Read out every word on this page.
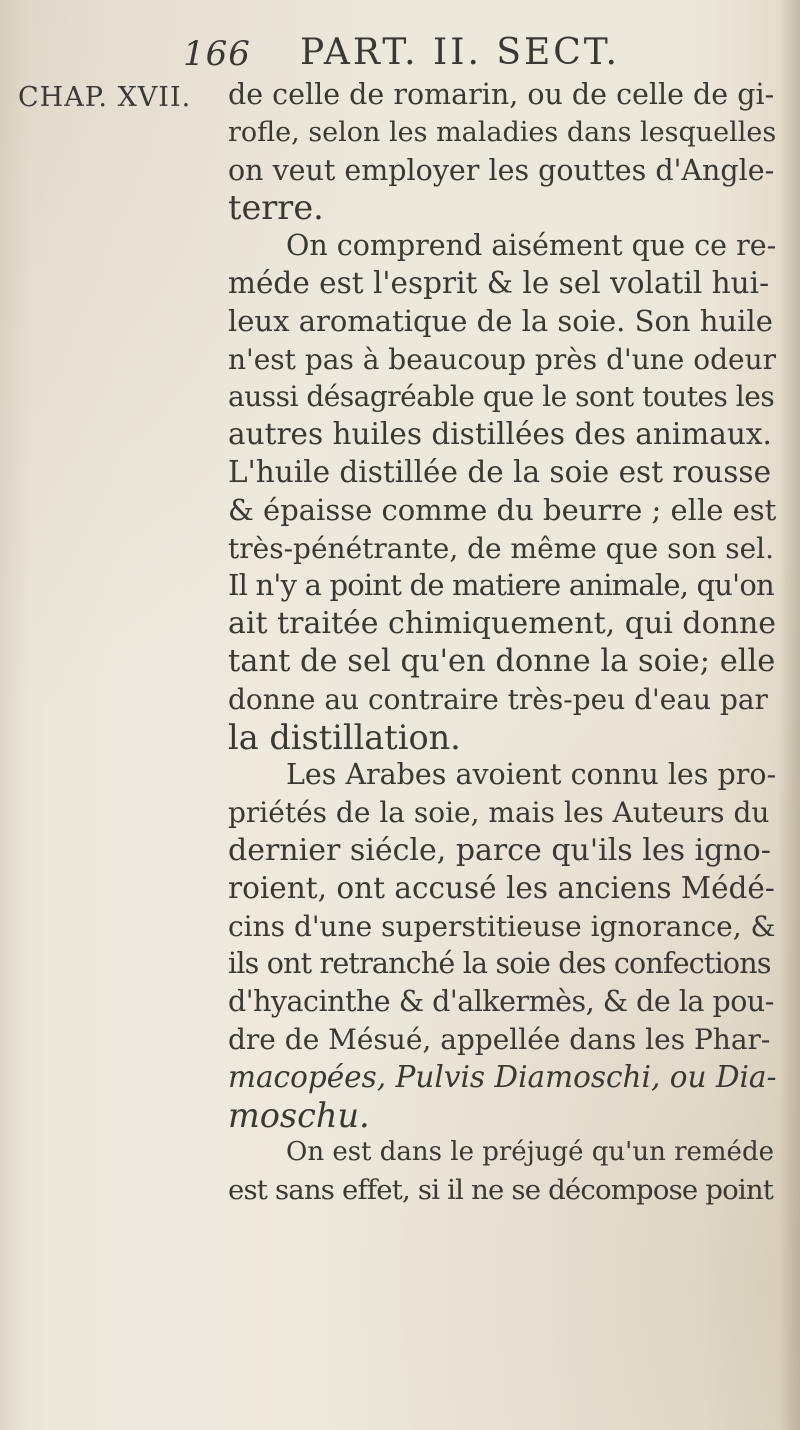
166 PART. II. SECT.
CHAP. XVII. de celle de romarin, ou de celle de gi-
rofle, selon les maladies dans lesquelles
on veut employer les gouttes d'Angle-
terre.
On comprend aisément que ce re-
méde est l'esprit & le sel volatil hui-
leux aromatique de la soie. Son huile
n'est pas à beaucoup près d'une odeur
aussi désagréable que le sont toutes les
autres huiles distillées des animaux.
L'huile distillée de la soie est rousse
& épaisse comme du beurre ; elle est
très-pénétrante, de même que son sel.
Il n'y a point de matiere animale, qu'on
ait traitée chimiquement, qui donne
tant de sel qu'en donne la soie; elle
donne au contraire très-peu d'eau par
la distillation.
Les Arabes avoient connu les pro-
priétés de la soie, mais les Auteurs du
dernier siécle, parce qu'ils les igno-
roient, ont accusé les anciens Médé-
cins d'une superstitieuse ignorance, &
ils ont retranché la soie des confections
d'hyacinthe & d'alkermès, & de la pou-
dre de Mésué, appellée dans les Phar-
macopées, Pulvis Diamoschi, ou Dia-
moschu.
On est dans le préjugé qu'un reméde
est sans effet, si il ne se décompose point
